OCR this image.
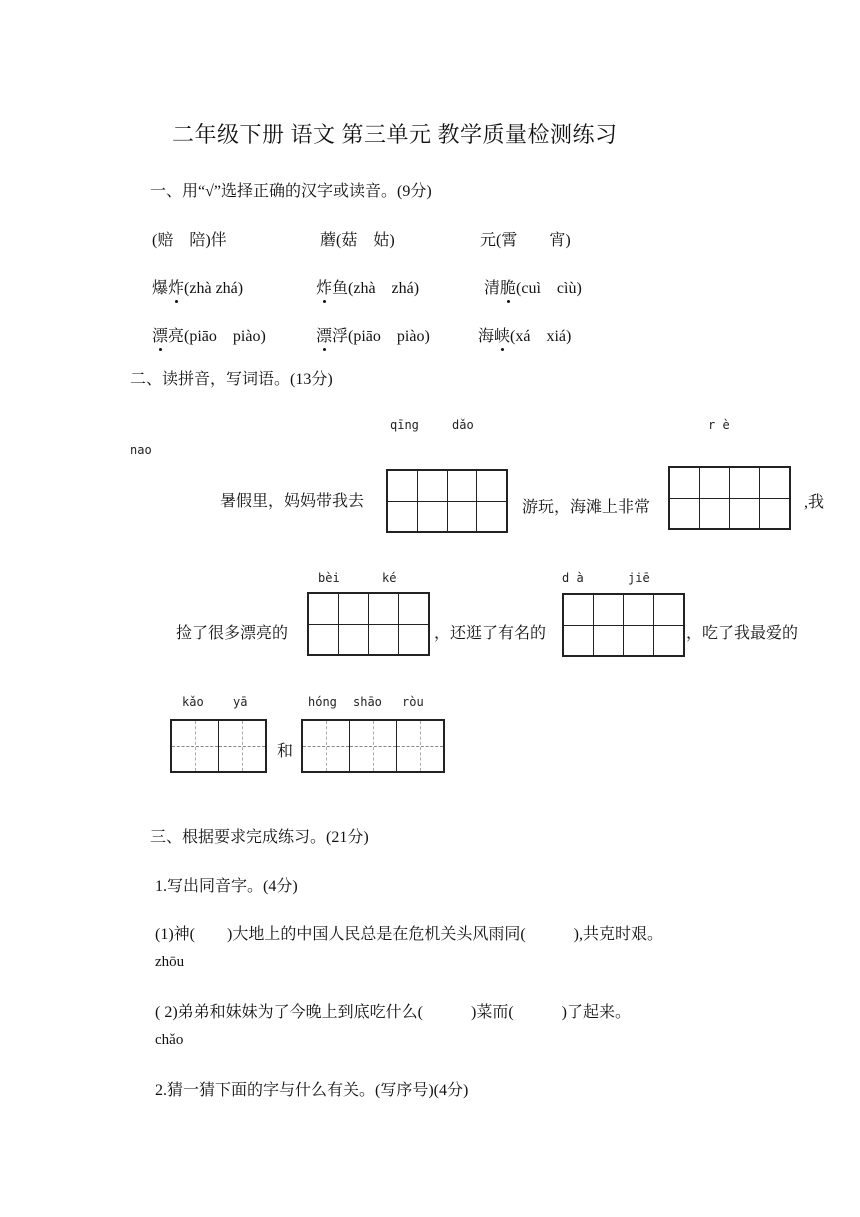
二年级下册 语文 第三单元 教学质量检测练习
一、用“√”选择正确的汉字或读音。(9分)
(赔　陪)伴	蘑(菇　姑)	元(霄　　宵)
爆炸(zhà zhá)	炸鱼(zhà　zhá)	清脆(cuì　cìù)
漂亮(piāo　piào)	漂浮(piāo　piào)	海峡(xá　xiá)
二、读拼音，写词语。(13分)
qīng	dǎo	r è
nao
暑假里，妈妈带我去	游玩，海滩上非常	,我
bèi	ké	d à	jiē
捡了很多漂亮的	，还逛了有名的	，吃了我最爱的
kǎo yā	hóng shāo ròu
和
三、根据要求完成练习。(21分)
1.写出同音字。(4分)
(1)神(　　)大地上的中国人民总是在危机关头风雨同(　　　),共克时艰。
zhōu
( 2)弟弟和妹妹为了今晚上到底吃什么(　　　)菜而(　　　)了起来。
chǎo
2.猜一猜下面的字与什么有关。(写序号)(4分)
